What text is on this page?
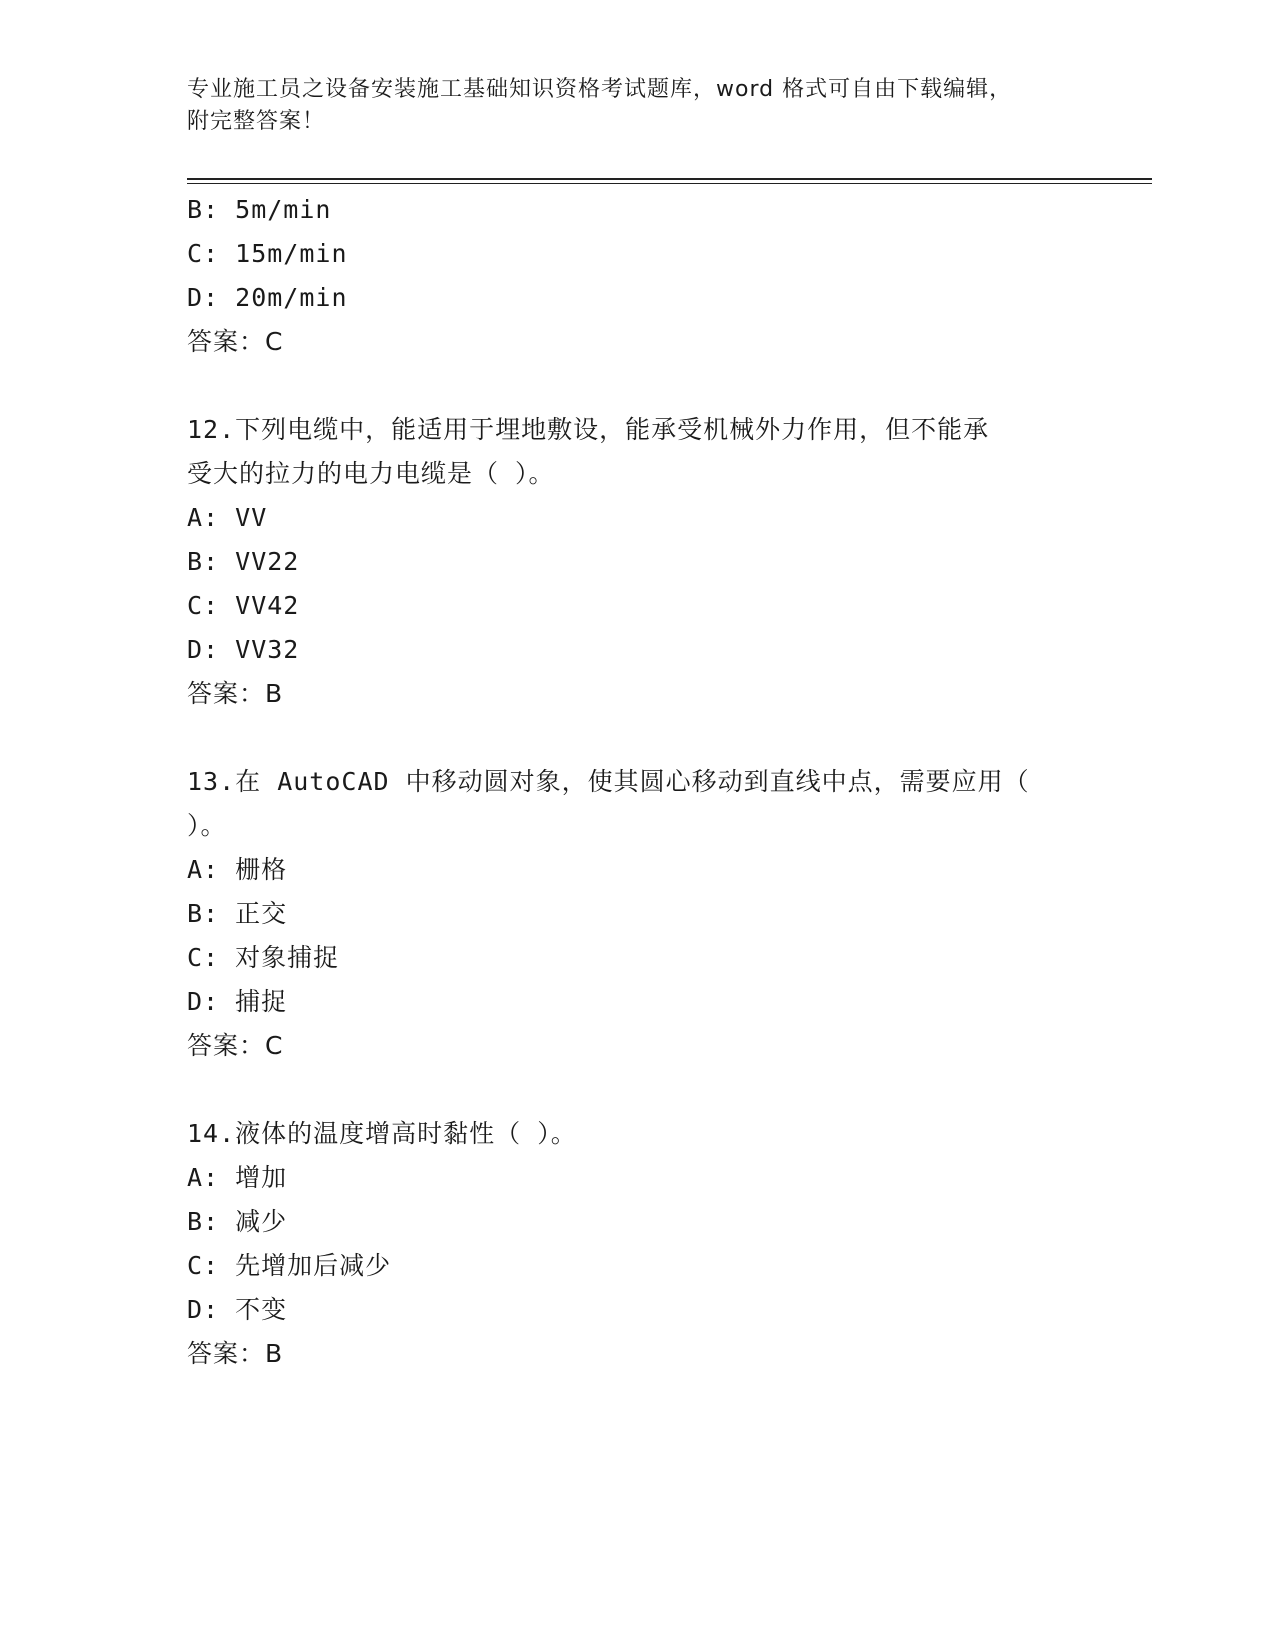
专业施工员之设备安装施工基础知识资格考试题库，word 格式可自由下载编辑，
附完整答案！
B: 5m/min
C: 15m/min
D: 20m/min
答案：C
12.下列电缆中，能适用于埋地敷设，能承受机械外力作用，但不能承
受大的拉力的电力电缆是（ ）。
A: VV
B: VV22
C: VV42
D: VV32
答案：B
13.在 AutoCAD 中移动圆对象，使其圆心移动到直线中点，需要应用（
）。
A: 栅格
B: 正交
C: 对象捕捉
D: 捕捉
答案：C
14.液体的温度增高时黏性（ ）。
A: 增加
B: 减少
C: 先增加后减少
D: 不变
答案：B
